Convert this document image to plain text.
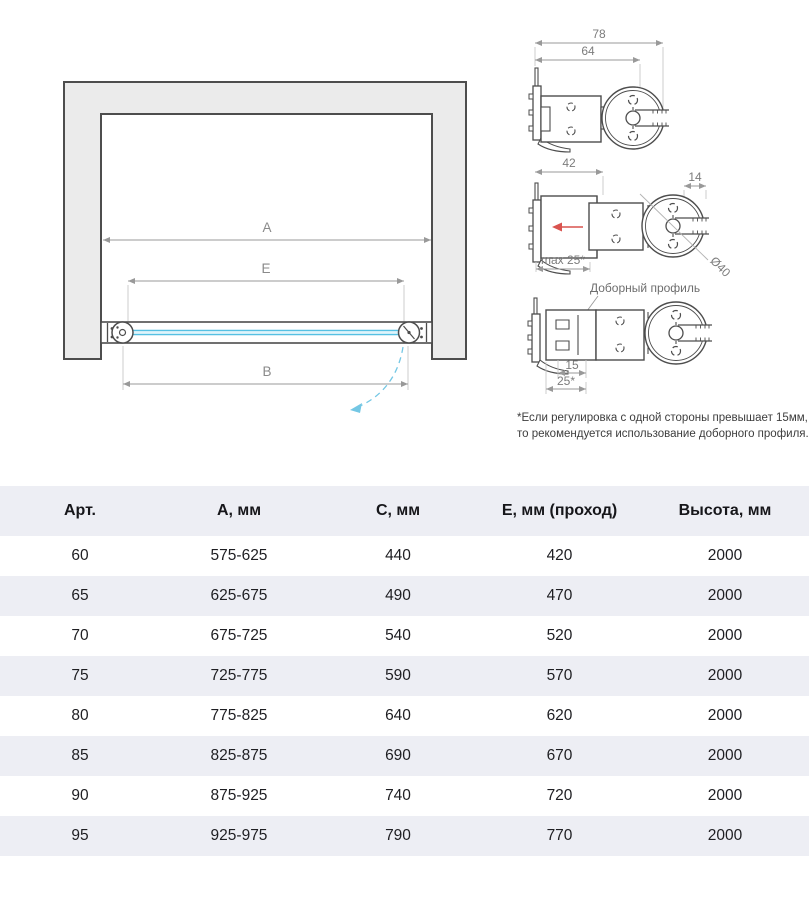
A
E
B
78
64
42
14
Ø40
max 25*
Доборный профиль
15
25*
*Если регулировка с одной стороны превышает 15мм,
то рекомендуется использование доборного профиля.
Арт.	А, мм	С, мм	Е, мм (проход)	Высота, мм
60	575-625	440	420	2000
65	625-675	490	470	2000
70	675-725	540	520	2000
75	725-775	590	570	2000
80	775-825	640	620	2000
85	825-875	690	670	2000
90	875-925	740	720	2000
95	925-975	790	770	2000
